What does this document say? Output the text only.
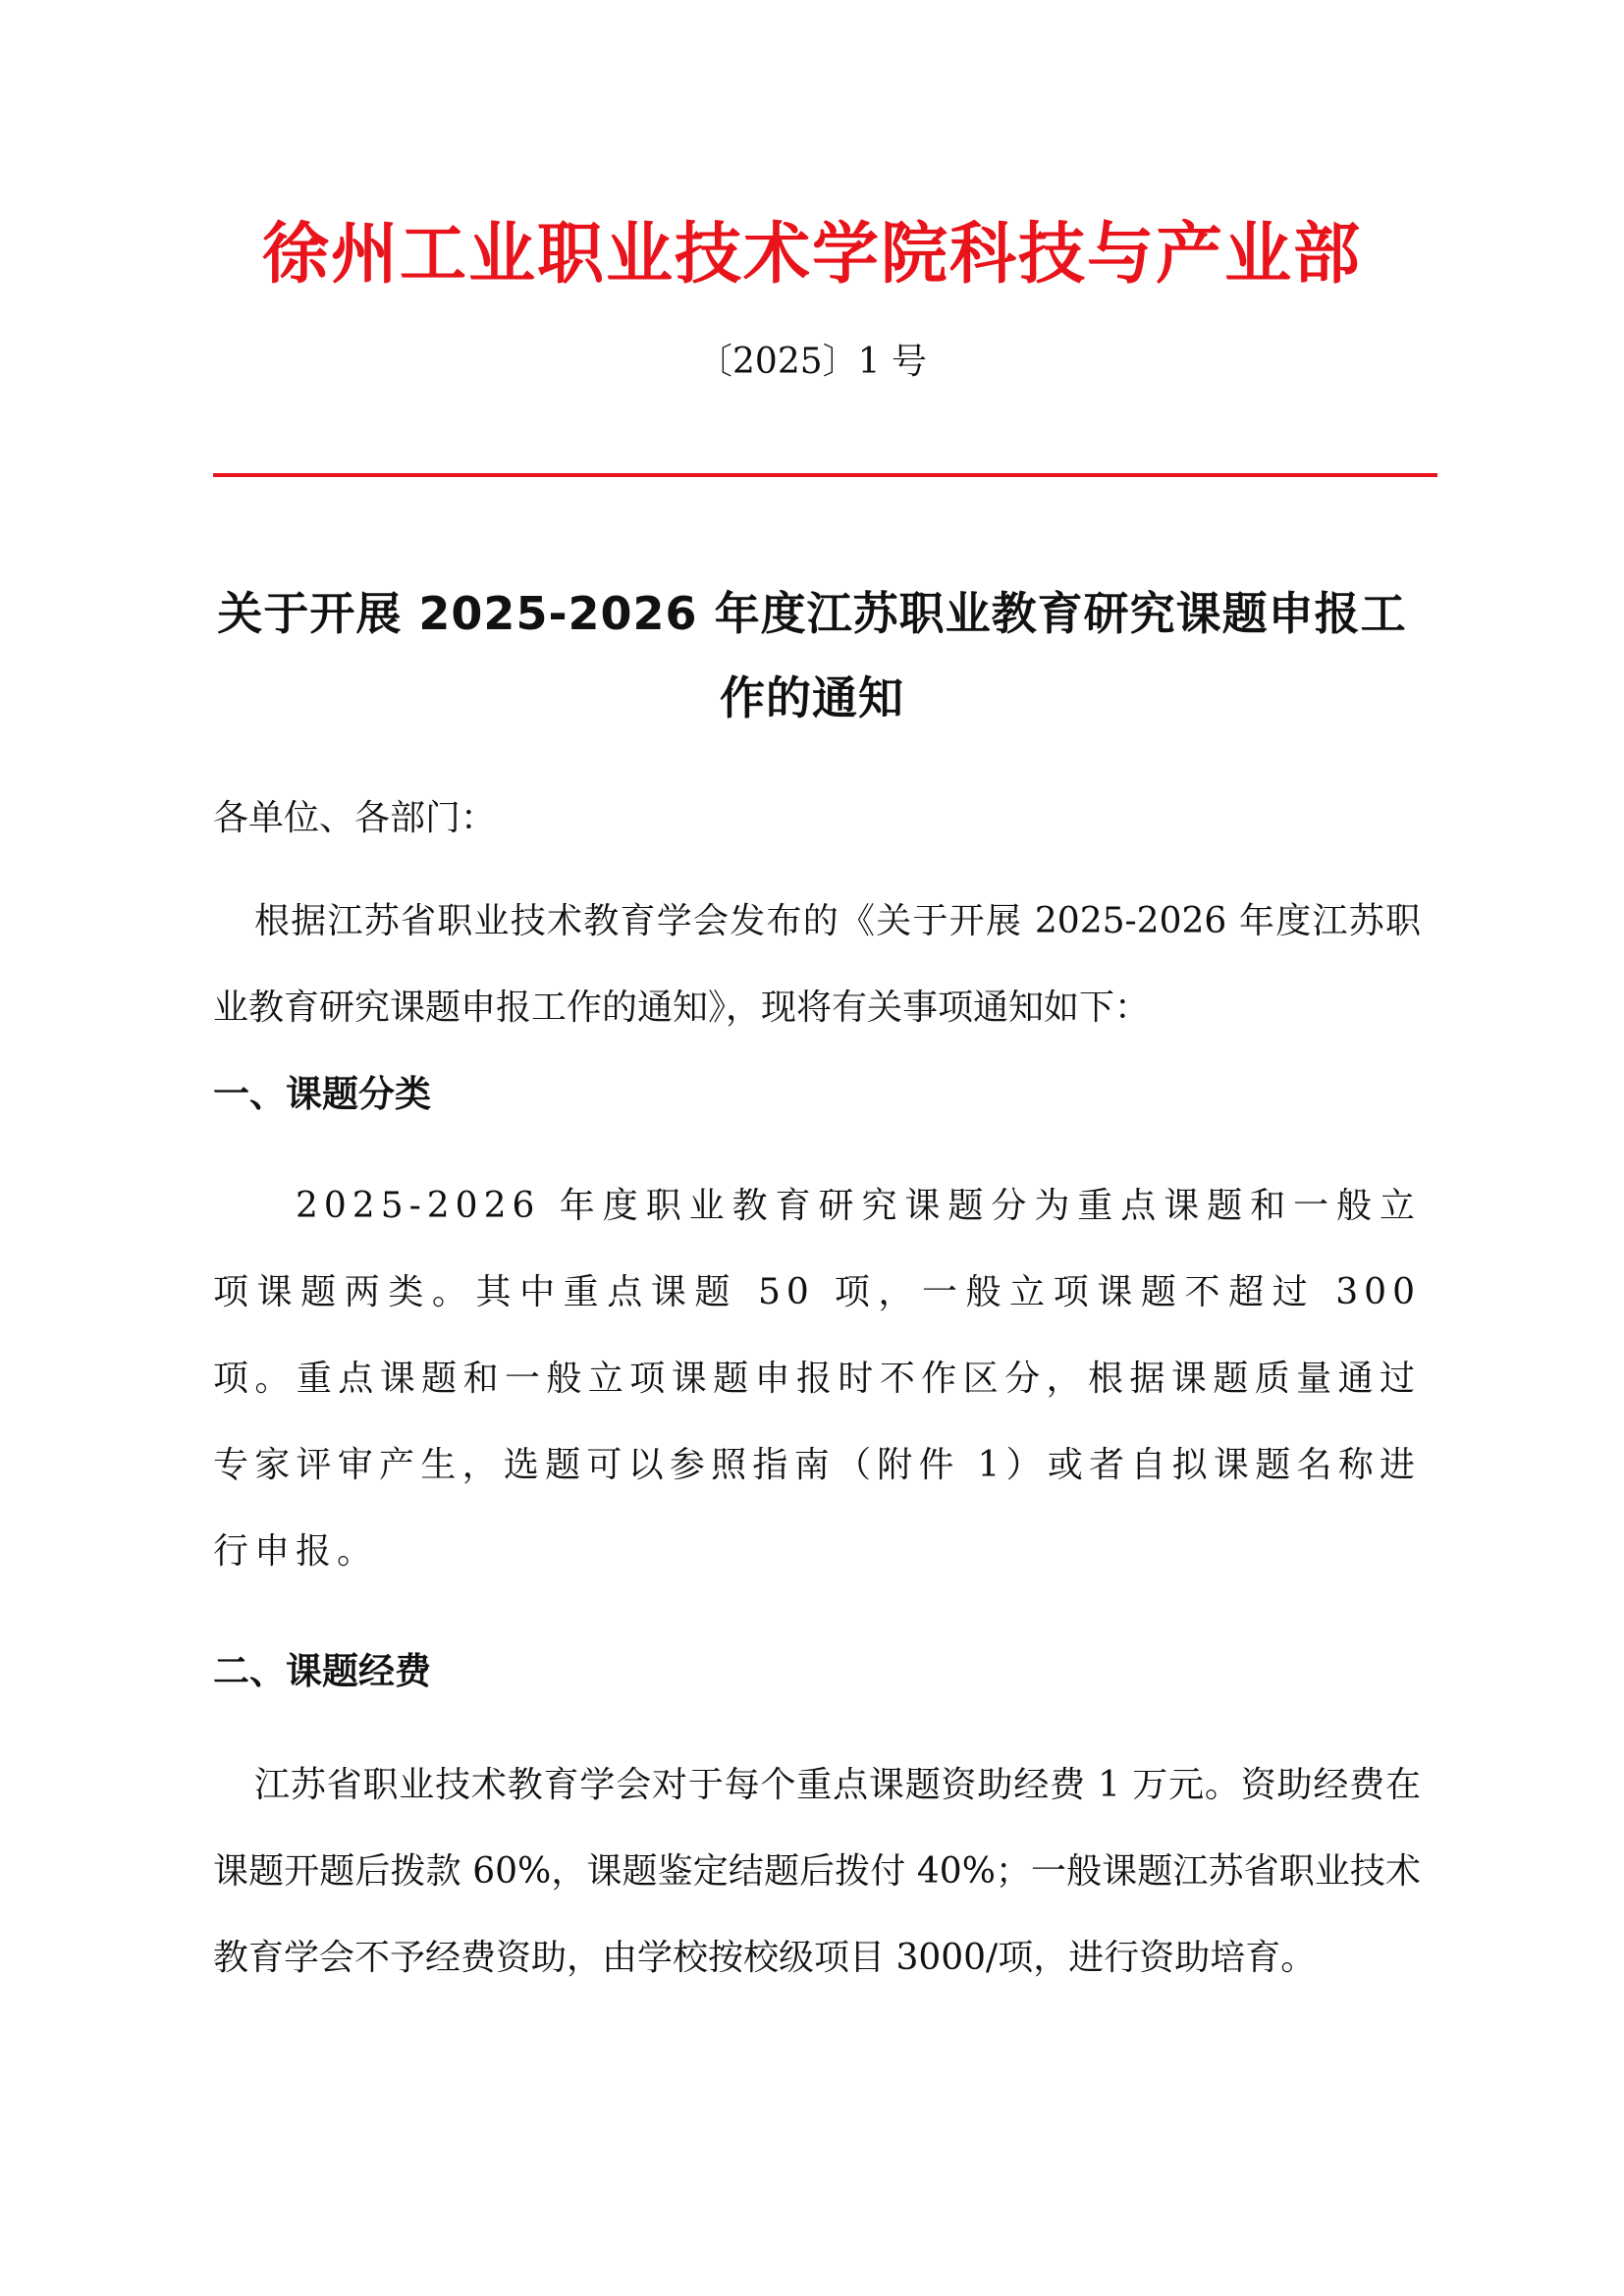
徐州工业职业技术学院科技与产业部
〔2025〕1 号
关于开展 2025-2026 年度江苏职业教育研究课题申报工作的通知

各单位、各部门：

根据江苏省职业技术教育学会发布的《关于开展 2025-2026 年度江苏职业教育研究课题申报工作的通知》，现将有关事项通知如下：

一、课题分类

2025-2026 年度职业教育研究课题分为重点课题和一般立项课题两类。其中重点课题 50 项，一般立项课题不超过 300 项。重点课题和一般立项课题申报时不作区分，根据课题质量通过专家评审产生，选题可以参照指南（附件 1）或者自拟课题名称进行申报。

二、课题经费

江苏省职业技术教育学会对于每个重点课题资助经费 1 万元。资助经费在课题开题后拨款 60%，课题鉴定结题后拨付 40%；一般课题江苏省职业技术教育学会不予经费资助，由学校按校级项目 3000/项，进行资助培育。
